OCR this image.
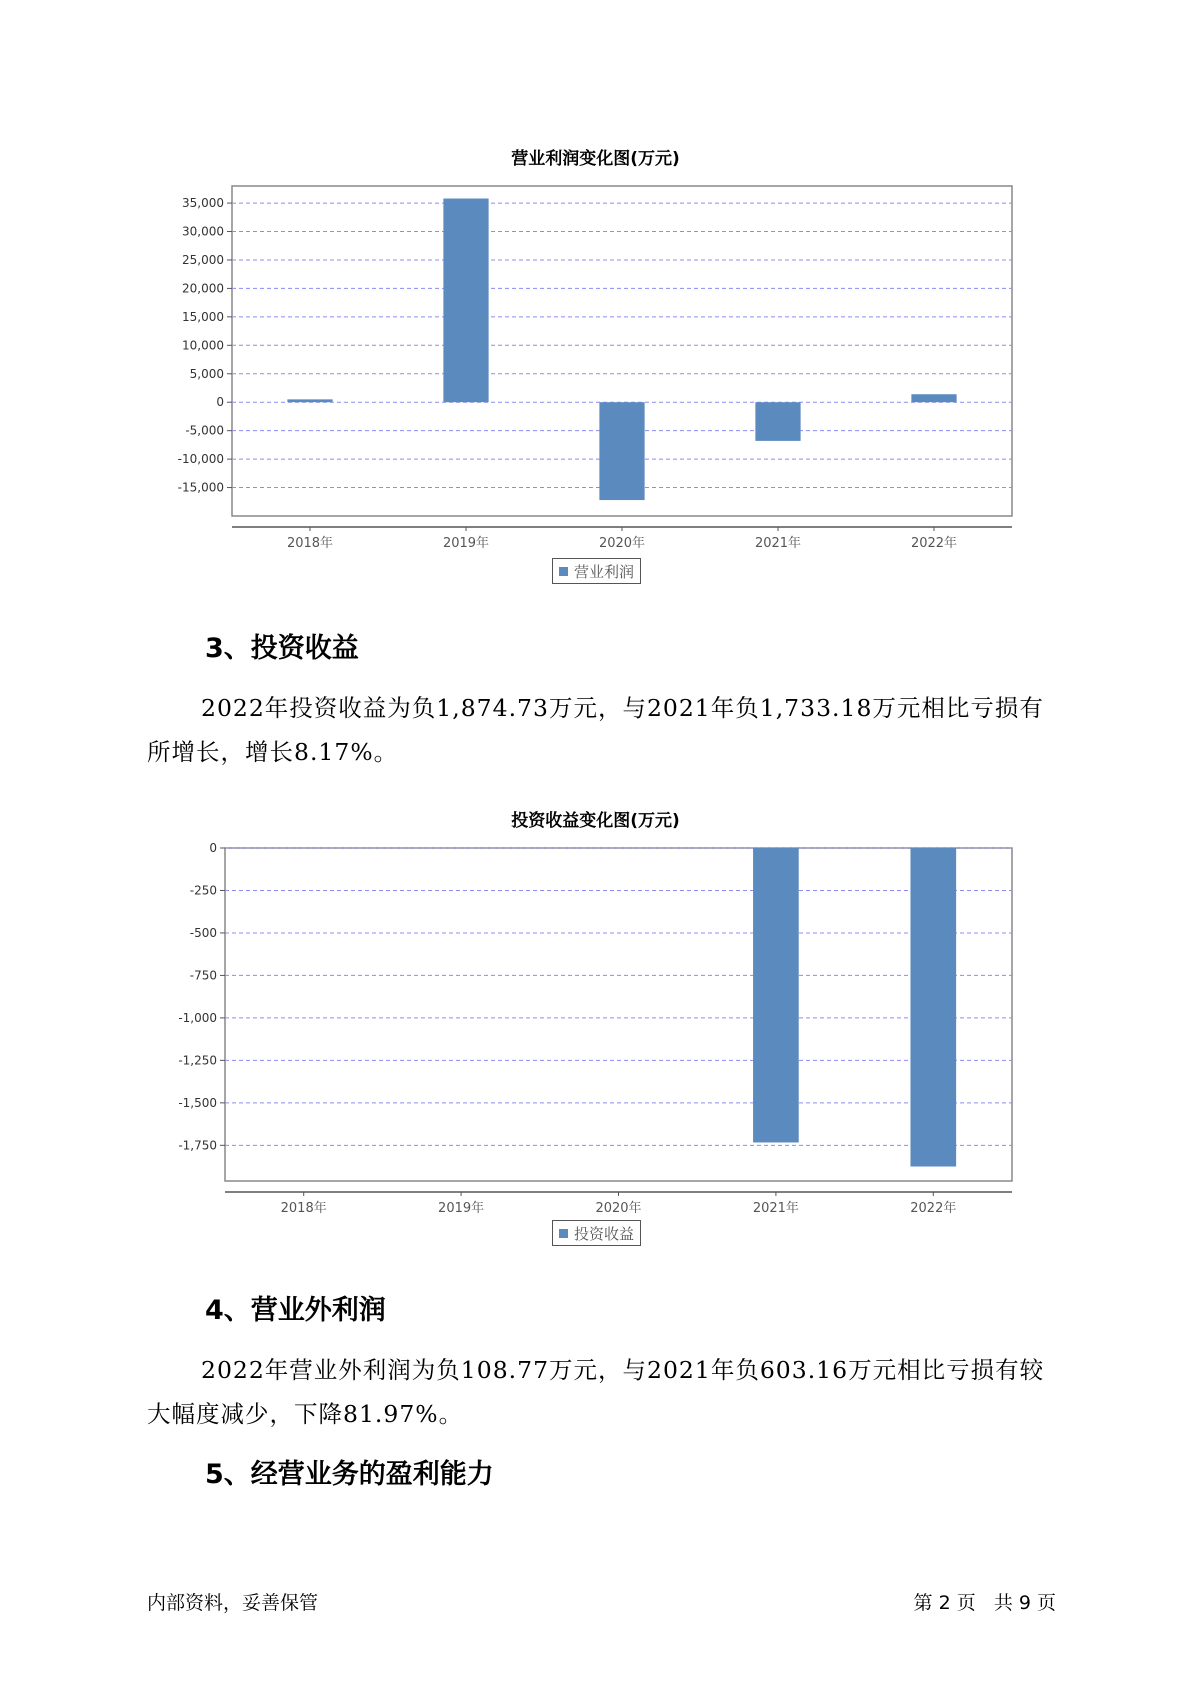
营业利润变化图(万元)
35,000
30,000
25,000
20,000
15,000
10,000
5,000
0
-5,000
-10,000
-15,000
2018年	2019年	2020年	2021年	2022年
营业利润
3、投资收益

2022年投资收益为负1,874.73万元，与2021年负1,733.18万元相比亏损有所增长，增长8.17%。

投资收益变化图(万元)
0
-250
-500
-750
-1,000
-1,250
-1,500
-1,750
2018年	2019年	2020年	2021年	2022年
投资收益
4、营业外利润

2022年营业外利润为负108.77万元，与2021年负603.16万元相比亏损有较大幅度减少，下降81.97%。

5、经营业务的盈利能力
内部资料，妥善保管	第 2 页   共 9 页
